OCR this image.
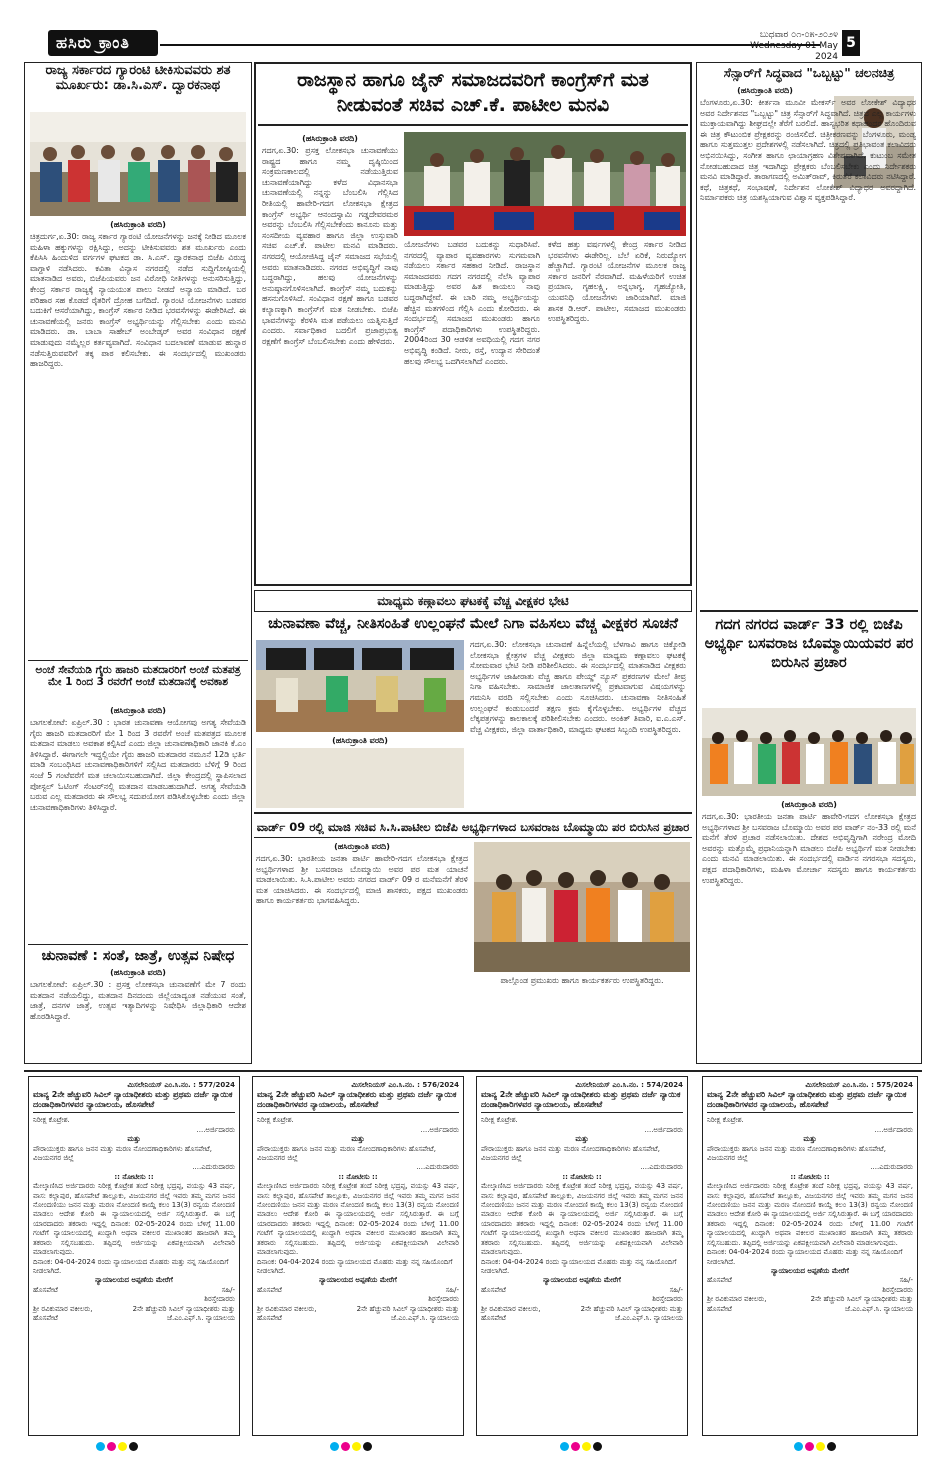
ಹಸಿರು ಕ್ರಾಂತಿ	ಬುಧವಾರ ೦೧-೦೫-೨೦೨೪
Wednesday 01 May 2024
5
ರಾಜ್ಯ ಸರ್ಕಾರದ ಗ್ಯಾರಂಟಿ ಟೀಕಿಸುವವರು ಶತ ಮೂರ್ಖರು: ಡಾ.ಸಿ.ಎಸ್. ದ್ವಾರಕನಾಥ
(ಹಸಿರುಕ್ರಾಂತಿ ವರದಿ)
ಚಿತ್ರದುರ್ಗ,ಏ.30: ರಾಜ್ಯ ಸರ್ಕಾರ ಗ್ಯಾರಂಟಿ ಯೋಜನೆಗಳನ್ನು ಜನಕ್ಕೆ ನೀಡಿದ ಮೂಲಕ ಮಹಿಳಾ ಹಕ್ಕುಗಳನ್ನು ರಕ್ಷಿಸಿದ್ದು, ಅದನ್ನು ಟೀಕಿಸುವವರು ಶತ ಮೂರ್ಖರು ಎಂದು ಕೆಪಿಸಿಸಿ ಹಿಂದುಳಿದ ವರ್ಗಗಳ ಘಟಕದ ಡಾ. ಸಿ.ಎಸ್. ದ್ವಾರಕನಾಥ ಬಿಜೆಪಿ ವಿರುದ್ಧ ವಾಗ್ದಾಳಿ ನಡೆಸಿದರು. ಕವಿತಾ ವಿನ್ಯಾಸ ನಗರದಲ್ಲಿ ನಡೆದ ಸುದ್ದಿಗೋಷ್ಠಿಯಲ್ಲಿ ಮಾತನಾಡಿದ ಅವರು, ಬಿಜೆಪಿಯವರು ಜನ ವಿರೋಧಿ ನೀತಿಗಳನ್ನು ಅನುಸರಿಸುತ್ತಿದ್ದು, ಕೇಂದ್ರ ಸರ್ಕಾರ ರಾಜ್ಯಕ್ಕೆ ನ್ಯಾಯಯುತ ಪಾಲು ನೀಡದೆ ಅನ್ಯಾಯ ಮಾಡಿದೆ. ಬರ ಪರಿಹಾರ ಸಹ ಕೊಡದೆ ರೈತರಿಗೆ ದ್ರೋಹ ಬಗೆದಿದೆ. ಗ್ಯಾರಂಟಿ ಯೋಜನೆಗಳು ಬಡವರ ಬದುಕಿಗೆ ಆಸರೆಯಾಗಿದ್ದು, ಕಾಂಗ್ರೆಸ್ ಸರ್ಕಾರ ನೀಡಿದ ಭರವಸೆಗಳನ್ನು ಈಡೇರಿಸಿದೆ. ಈ ಚುನಾವಣೆಯಲ್ಲಿ ಜನರು ಕಾಂಗ್ರೆಸ್ ಅಭ್ಯರ್ಥಿಯನ್ನು ಗೆಲ್ಲಿಸಬೇಕು ಎಂದು ಮನವಿ ಮಾಡಿದರು. ಡಾ. ಬಾಬಾ ಸಾಹೇಬ್ ಅಂಬೇಡ್ಕರ್ ಅವರ ಸಂವಿಧಾನ ರಕ್ಷಣೆ ಮಾಡುವುದು ನಮ್ಮೆಲ್ಲರ ಕರ್ತವ್ಯವಾಗಿದೆ. ಸಂವಿಧಾನ ಬದಲಾವಣೆ ಮಾಡುವ ಹುನ್ನಾರ ನಡೆಸುತ್ತಿರುವವರಿಗೆ ತಕ್ಕ ಪಾಠ ಕಲಿಸಬೇಕು. ಈ ಸಂದರ್ಭದಲ್ಲಿ ಮುಖಂಡರು ಹಾಜರಿದ್ದರು.
ಅಂಚೆ ಸೇವೆಯಡಿ ಗೈರು ಹಾಜರಿ ಮತದಾರರಿಗೆ ಅಂಚೆ ಮತಪತ್ರ ಮೇ 1 ರಿಂದ 3 ರವರೆಗೆ ಅಂಚೆ ಮತದಾನಕ್ಕೆ ಅವಕಾಶ
(ಹಸಿರುಕ್ರಾಂತಿ ವರದಿ)
ಬಾಗಲಕೋಟೆ: ಏಪ್ರಿಲ್.30 : ಭಾರತ ಚುನಾವಣಾ ಆಯೋಗವು ಅಗತ್ಯ ಸೇವೆಯಡಿ ಗೈರು ಹಾಜರಿ ಮತದಾರರಿಗೆ ಮೇ 1 ರಿಂದ 3 ರವರೆಗೆ ಅಂಚೆ ಮತಪತ್ರದ ಮೂಲಕ ಮತದಾನ ಮಾಡಲು ಅವಕಾಶ ಕಲ್ಪಿಸಿದೆ ಎಂದು ಜಿಲ್ಲಾ ಚುನಾವಣಾಧಿಕಾರಿ ಜಾನಕಿ ಕೆ.ಎಂ ತಿಳಿಸಿದ್ದಾರೆ. ಈಗಾಗಲೇ ಇದ್ದಲ್ಲಿಯೇ ಗೈರು ಹಾಜರಿ ಮತದಾರರ ನಮೂನೆ 12ಡಿ ಭರ್ತಿ ಮಾಡಿ ಸಂಬಂಧಿಸಿದ ಚುನಾವಣಾಧಿಕಾರಿಗಳಿಗೆ ಸಲ್ಲಿಸಿದ ಮತದಾರರು ಬೆಳಿಗ್ಗೆ 9 ರಿಂದ ಸಂಜೆ 5 ಗಂಟೆವರೆಗೆ ಮತ ಚಲಾಯಿಸಬಹುದಾಗಿದೆ. ಜಿಲ್ಲಾ ಕೇಂದ್ರದಲ್ಲಿ ಸ್ಥಾಪಿಸಲಾದ ಪೋಸ್ಟಲ್ ಓಟಿಂಗ್ ಸೆಂಟರ್‌ನಲ್ಲಿ ಮತದಾನ ಮಾಡಬಹುದಾಗಿದೆ. ಅಗತ್ಯ ಸೇವೆಯಡಿ ಬರುವ ಎಲ್ಲ ಮತದಾರರು ಈ ಸೌಲಭ್ಯ ಸದುಪಯೋಗ ಪಡಿಸಿಕೊಳ್ಳಬೇಕು ಎಂದು ಜಿಲ್ಲಾ ಚುನಾವಣಾಧಿಕಾರಿಗಳು ತಿಳಿಸಿದ್ದಾರೆ.
ಚುನಾವಣೆ : ಸಂತೆ, ಜಾತ್ರೆ, ಉತ್ಸವ ನಿಷೇಧ
(ಹಸಿರುಕ್ರಾಂತಿ ವರದಿ)
ಬಾಗಲಕೋಟೆ: ಏಪ್ರಿಲ್.30 : ಪ್ರಸಕ್ತ ಲೋಕಸಭಾ ಚುನಾವಣೆಗೆ ಮೇ 7 ರಂದು ಮತದಾನ ನಡೆಯಲಿದ್ದು, ಮತದಾನ ದಿನದಂದು ಜಿಲ್ಲೆಯಾದ್ಯಂತ ನಡೆಯುವ ಸಂತೆ, ಜಾತ್ರೆ, ದನಗಳ ಜಾತ್ರೆ, ಉತ್ಸವ ಇತ್ಯಾದಿಗಳನ್ನು ನಿಷೇಧಿಸಿ ಜಿಲ್ಲಾಧಿಕಾರಿ ಆದೇಶ ಹೊರಡಿಸಿದ್ದಾರೆ.
ರಾಜಸ್ಥಾನ ಹಾಗೂ ಜೈನ್ ಸಮಾಜದವರಿಗೆ ಕಾಂಗ್ರೆಸ್‌ಗೆ ಮತ ನೀಡುವಂತೆ ಸಚಿವ ಎಚ್.ಕೆ. ಪಾಟೀಲ ಮನವಿ
(ಹಸಿರುಕ್ರಾಂತಿ ವರದಿ)
ಗದಗ,ಏ.30: ಪ್ರಸಕ್ತ ಲೋಕಸಭಾ ಚುನಾವಣೆಯು ರಾಷ್ಟ್ರದ ಹಾಗೂ ನಮ್ಮ ದೃಷ್ಠಿಯಿಂದ ಸಂಕ್ರಮಣಕಾಲದಲ್ಲಿ ನಡೆಯುತ್ತಿರುವ ಚುನಾವಣೆಯಾಗಿದ್ದು ಕಳೆದ ವಿಧಾನಸಭಾ ಚುನಾವಣೆಯಲ್ಲಿ ನನ್ನನ್ನು ಬೆಂಬಲಿಸಿ ಗೆಲ್ಲಿಸಿದ ರೀತಿಯಲ್ಲಿ ಹಾವೇರಿ-ಗದಗ ಲೋಕಸಭಾ ಕ್ಷೇತ್ರದ ಕಾಂಗ್ರೆಸ್ ಅಭ್ಯರ್ಥಿ ಆನಂದಸ್ವಾಮಿ ಗಡ್ಡದೇವರಮಠ ಅವರನ್ನು ಬೆಂಬಲಿಸಿ ಗೆಲ್ಲಿಸಬೇಕೆಂದು ಕಾನೂನು ಮತ್ತು ಸಂಸದೀಯ ವ್ಯವಹಾರ ಹಾಗೂ ಜಿಲ್ಲಾ ಉಸ್ತುವಾರಿ ಸಚಿವ ಎಚ್.ಕೆ. ಪಾಟೀಲ ಮನವಿ ಮಾಡಿದರು. ನಗರದಲ್ಲಿ ಆಯೋಜಿಸಿದ್ದ ಜೈನ್ ಸಮಾಜದ ಸಭೆಯಲ್ಲಿ ಅವರು ಮಾತನಾಡಿದರು. ನಗರದ ಅಭಿವೃದ್ಧಿಗೆ ನಾವು ಬದ್ಧರಾಗಿದ್ದು, ಹಲವು ಯೋಜನೆಗಳನ್ನು ಅನುಷ್ಠಾನಗೊಳಿಸಲಾಗಿದೆ. ಕಾಂಗ್ರೆಸ್ ನಮ್ಮ ಬದುಕನ್ನು ಹಸನುಗೊಳಿಸಿದೆ. ಸಂವಿಧಾನ ರಕ್ಷಣೆ ಹಾಗೂ ಬಡವರ ಕಲ್ಯಾಣಕ್ಕಾಗಿ ಕಾಂಗ್ರೆಸ್‌ಗೆ ಮತ ನೀಡಬೇಕು. ಬಿಜೆಪಿ ಭಾವನೆಗಳನ್ನು ಕೆರಳಿಸಿ ಮತ ಪಡೆಯಲು ಯತ್ನಿಸುತ್ತಿದೆ ಎಂದರು. ಸರ್ವಾಧಿಕಾರ ಬದಲಿಗೆ ಪ್ರಜಾಪ್ರಭುತ್ವ ರಕ್ಷಣೆಗೆ ಕಾಂಗ್ರೆಸ್ ಬೆಂಬಲಿಸಬೇಕು ಎಂದು ಹೇಳಿದರು.
ಯೋಜನೆಗಳು ಬಡವರ ಬದುಕನ್ನು ಸುಧಾರಿಸಿವೆ. ನಗರದಲ್ಲಿ ವ್ಯಾಪಾರ ವ್ಯವಹಾರಗಳು ಸುಗಮವಾಗಿ ನಡೆಯಲು ಸರ್ಕಾರ ಸಹಕಾರ ನೀಡಿದೆ. ರಾಜಸ್ಥಾನ ಸಮಾಜದವರು ಗದಗ ನಗರದಲ್ಲಿ ನೆಲೆಸಿ ವ್ಯಾಪಾರ ಮಾಡುತ್ತಿದ್ದು ಅವರ ಹಿತ ಕಾಯಲು ನಾವು ಬದ್ಧರಾಗಿದ್ದೇವೆ. ಈ ಬಾರಿ ನಮ್ಮ ಅಭ್ಯರ್ಥಿಯನ್ನು ಹೆಚ್ಚಿನ ಮತಗಳಿಂದ ಗೆಲ್ಲಿಸಿ ಎಂದು ಕೋರಿದರು. ಈ ಸಂದರ್ಭದಲ್ಲಿ ಸಮಾಜದ ಮುಖಂಡರು ಹಾಗೂ ಕಾಂಗ್ರೆಸ್ ಪದಾಧಿಕಾರಿಗಳು ಉಪಸ್ಥಿತರಿದ್ದರು. 2004ರಿಂದ 30 ಆಡಳಿತ ಅವಧಿಯಲ್ಲಿ ಗದಗ ನಗರ ಅಭಿವೃದ್ಧಿ ಕಂಡಿದೆ. ನೀರು, ರಸ್ತೆ, ಉದ್ಯಾನ ಸೇರಿದಂತೆ ಹಲವು ಸೌಲಭ್ಯ ಒದಗಿಸಲಾಗಿದೆ ಎಂದರು.
ಕಳೆದ ಹತ್ತು ವರ್ಷಗಳಲ್ಲಿ ಕೇಂದ್ರ ಸರ್ಕಾರ ನೀಡಿದ ಭರವಸೆಗಳು ಈಡೇರಿಲ್ಲ. ಬೆಲೆ ಏರಿಕೆ, ನಿರುದ್ಯೋಗ ಹೆಚ್ಚಾಗಿದೆ. ಗ್ಯಾರಂಟಿ ಯೋಜನೆಗಳ ಮೂಲಕ ರಾಜ್ಯ ಸರ್ಕಾರ ಜನರಿಗೆ ನೆರವಾಗಿದೆ. ಮಹಿಳೆಯರಿಗೆ ಉಚಿತ ಪ್ರಯಾಣ, ಗೃಹಲಕ್ಷ್ಮಿ, ಅನ್ನಭಾಗ್ಯ, ಗೃಹಜ್ಯೋತಿ, ಯುವನಿಧಿ ಯೋಜನೆಗಳು ಜಾರಿಯಾಗಿವೆ. ಮಾಜಿ ಶಾಸಕ ಡಿ.ಆರ್. ಪಾಟೀಲ, ಸಮಾಜದ ಮುಖಂಡರು ಉಪಸ್ಥಿತರಿದ್ದರು.
ಮಾಧ್ಯಮ ಕಣ್ಗಾವಲು ಘಟಕಕ್ಕೆ ವೆಚ್ಚ ವೀಕ್ಷಕರ ಭೇಟಿ
ಚುನಾವಣಾ ವೆಚ್ಚ, ನೀತಿಸಂಹಿತೆ ಉಲ್ಲಂಘನೆ ಮೇಲೆ ನಿಗಾ ವಹಿಸಲು ವೆಚ್ಚ ವೀಕ್ಷಕರ ಸೂಚನೆ
ಗದಗ,ಏ.30: ಲೋಕಸಭಾ ಚುನಾವಣೆ ಹಿನ್ನೆಲೆಯಲ್ಲಿ ಬೆಳಗಾವಿ ಹಾಗೂ ಚಿಕ್ಕೋಡಿ ಲೋಕಸಭಾ ಕ್ಷೇತ್ರಗಳ ವೆಚ್ಚ ವೀಕ್ಷಕರು ಜಿಲ್ಲಾ ಮಾಧ್ಯಮ ಕಣ್ಗಾವಲು ಘಟಕಕ್ಕೆ ಸೋಮವಾರ ಭೇಟಿ ನೀಡಿ ಪರಿಶೀಲಿಸಿದರು. ಈ ಸಂದರ್ಭದಲ್ಲಿ ಮಾತನಾಡಿದ ವೀಕ್ಷಕರು ಅಭ್ಯರ್ಥಿಗಳ ಜಾಹೀರಾತು ವೆಚ್ಚ ಹಾಗೂ ಪೇಯ್ಡ್ ನ್ಯೂಸ್ ಪ್ರಕರಣಗಳ ಮೇಲೆ ತೀವ್ರ ನಿಗಾ ವಹಿಸಬೇಕು. ಸಾಮಾಜಿಕ ಜಾಲತಾಣಗಳಲ್ಲಿ ಪ್ರಕಟವಾಗುವ ವಿಷಯಗಳನ್ನು ಗಮನಿಸಿ ವರದಿ ಸಲ್ಲಿಸಬೇಕು ಎಂದು ಸೂಚಿಸಿದರು. ಚುನಾವಣಾ ನೀತಿಸಂಹಿತೆ ಉಲ್ಲಂಘನೆ ಕಂಡುಬಂದರೆ ತಕ್ಷಣ ಕ್ರಮ ಕೈಗೊಳ್ಳಬೇಕು. ಅಭ್ಯರ್ಥಿಗಳ ವೆಚ್ಚದ ಲೆಕ್ಕಪತ್ರಗಳನ್ನು ಕಾಲಕಾಲಕ್ಕೆ ಪರಿಶೀಲಿಸಬೇಕು ಎಂದರು. ಅಂಕಿತ್ ತಿವಾರಿ, ಐ.ಎ.ಎಸ್. ವೆಚ್ಚ ವೀಕ್ಷಕರು, ಜಿಲ್ಲಾ ವಾರ್ತಾಧಿಕಾರಿ, ಮಾಧ್ಯಮ ಘಟಕದ ಸಿಬ್ಬಂದಿ ಉಪಸ್ಥಿತರಿದ್ದರು.
(ಹಸಿರುಕ್ರಾಂತಿ ವರದಿ)
ವಾರ್ಡ್ 09 ರಲ್ಲಿ ಮಾಜಿ ಸಚಿವ ಸಿ.ಸಿ.ಪಾಟೀಲ ಬಿಜೆಪಿ ಅಭ್ಯರ್ಥಿಗಳಾದ ಬಸವರಾಜ ಬೊಮ್ಮಾಯಿ ಪರ ಬಿರುಸಿನ ಪ್ರಚಾರ
(ಹಸಿರುಕ್ರಾಂತಿ ವರದಿ)
ಗದಗ,ಏ.30: ಭಾರತೀಯ ಜನತಾ ಪಾರ್ಟಿ ಹಾವೇರಿ-ಗದಗ ಲೋಕಸಭಾ ಕ್ಷೇತ್ರದ ಅಭ್ಯರ್ಥಿಗಳಾದ ಶ್ರೀ ಬಸವರಾಜ ಬೊಮ್ಮಾಯಿ ಅವರ ಪರ ಮತ ಯಾಚನೆ ಮಾಡಲಾಯಿತು. ಸಿ.ಸಿ.ಪಾಟೀಲ ಅವರು ನಗರದ ವಾರ್ಡ್ 09 ರ ಮನೆಮನೆಗೆ ತೆರಳಿ ಮತ ಯಾಚಿಸಿದರು. ಈ ಸಂದರ್ಭದಲ್ಲಿ ಮಾಜಿ ಶಾಸಕರು, ಪಕ್ಷದ ಮುಖಂಡರು ಹಾಗೂ ಕಾರ್ಯಕರ್ತರು ಭಾಗವಹಿಸಿದ್ದರು.
ಪಾಲ್ಗೊಂಡ ಪ್ರಮುಖರು ಹಾಗೂ ಕಾರ್ಯಕರ್ತರು ಉಪಸ್ಥಿತರಿದ್ದರು.
ಸೆನ್ಸಾರ್‌ಗೆ ಸಿದ್ಧವಾದ "ಒಬ್ಬಟ್ಟು" ಚಲನಚಿತ್ರ
(ಹಸಿರುಕ್ರಾಂತಿ ವರದಿ)
ಬೆಂಗಳೂರು,ಏ.30: ಕೀರ್ತನಾ ಮೂವೀ ಮೇಕರ್ಸ್ ಅವರ ಲೋಕೇಶ್ ವಿದ್ಯಾಧರ ಅವರ ನಿರ್ದೇಶನದ "ಒಬ್ಬಟ್ಟು" ಚಿತ್ರ ಸೆನ್ಸಾರ್‌ಗೆ ಸಿದ್ಧವಾಗಿದೆ. ಚಿತ್ರದ ಎಲ್ಲ ಕಾರ್ಯಗಳು ಮುಕ್ತಾಯವಾಗಿದ್ದು ಶೀಘ್ರದಲ್ಲೇ ತೆರೆಗೆ ಬರಲಿದೆ. ಹಾಸ್ಯಭರಿತ ಕಥಾಹಂದರ ಹೊಂದಿರುವ ಈ ಚಿತ್ರ ಕೌಟುಂಬಿಕ ಪ್ರೇಕ್ಷಕರನ್ನು ರಂಜಿಸಲಿದೆ. ಚಿತ್ರೀಕರಣವನ್ನು ಬೆಂಗಳೂರು, ಮಂಡ್ಯ ಹಾಗೂ ಸುತ್ತಮುತ್ತಲ ಪ್ರದೇಶಗಳಲ್ಲಿ ನಡೆಸಲಾಗಿದೆ. ಚಿತ್ರದಲ್ಲಿ ಪ್ರತಿಭಾವಂತ ಕಲಾವಿದರು ಅಭಿನಯಿಸಿದ್ದು, ಸಂಗೀತ ಹಾಗೂ ಛಾಯಾಗ್ರಹಣ ವಿಶೇಷವಾಗಿದೆ. ಕುಟುಂಬ ಸಮೇತ ನೋಡಬಹುದಾದ ಚಿತ್ರ ಇದಾಗಿದ್ದು ಪ್ರೇಕ್ಷಕರು ಬೆಂಬಲಿಸಬೇಕು ಎಂದು ನಿರ್ದೇಶಕರು ಮನವಿ ಮಾಡಿದ್ದಾರೆ. ತಾರಾಗಣದಲ್ಲಿ ಅಮಿತ್‌ರಾವ್, ಕಿರುತೆರೆ ಕಲಾವಿದರು ನಟಿಸಿದ್ದಾರೆ. ಕಥೆ, ಚಿತ್ರಕಥೆ, ಸಂಭಾಷಣೆ, ನಿರ್ದೇಶನ ಲೋಕೇಶ್ ವಿದ್ಯಾಧರ ಅವರದ್ದಾಗಿದೆ. ನಿರ್ಮಾಪಕರು ಚಿತ್ರ ಯಶಸ್ವಿಯಾಗುವ ವಿಶ್ವಾಸ ವ್ಯಕ್ತಪಡಿಸಿದ್ದಾರೆ.
ಗದಗ ನಗರದ ವಾರ್ಡ್ 33 ರಲ್ಲಿ ಬಿಜೆಪಿ ಅಭ್ಯರ್ಥಿ ಬಸವರಾಜ ಬೊಮ್ಮಾಯಿಯವರ ಪರ ಬಿರುಸಿನ ಪ್ರಚಾರ
(ಹಸಿರುಕ್ರಾಂತಿ ವರದಿ)
ಗದಗ,ಏ.30: ಭಾರತೀಯ ಜನತಾ ಪಾರ್ಟಿ ಹಾವೇರಿ-ಗದಗ ಲೋಕಸಭಾ ಕ್ಷೇತ್ರದ ಅಭ್ಯರ್ಥಿಗಳಾದ ಶ್ರೀ ಬಸವರಾಜ ಬೊಮ್ಮಾಯಿ ಅವರ ಪರ ವಾರ್ಡ್ ನಂ-33 ರಲ್ಲಿ ಮನೆ ಮನೆಗೆ ತೆರಳಿ ಪ್ರಚಾರ ನಡೆಸಲಾಯಿತು. ದೇಶದ ಅಭಿವೃದ್ಧಿಗಾಗಿ ನರೇಂದ್ರ ಮೋದಿ ಅವರನ್ನು ಮತ್ತೊಮ್ಮೆ ಪ್ರಧಾನಿಯನ್ನಾಗಿ ಮಾಡಲು ಬಿಜೆಪಿ ಅಭ್ಯರ್ಥಿಗೆ ಮತ ನೀಡಬೇಕು ಎಂದು ಮನವಿ ಮಾಡಲಾಯಿತು. ಈ ಸಂದರ್ಭದಲ್ಲಿ ವಾರ್ಡಿನ ನಗರಸಭಾ ಸದಸ್ಯರು, ಪಕ್ಷದ ಪದಾಧಿಕಾರಿಗಳು, ಮಹಿಳಾ ಮೋರ್ಚಾ ಸದಸ್ಯರು ಹಾಗೂ ಕಾರ್ಯಕರ್ತರು ಉಪಸ್ಥಿತರಿದ್ದರು.
ಮಿಸಲೇನಿಯಸ್ ಎಂ.ಸಿ.ನಂ. : 577/2024
ಮಾನ್ಯ 2ನೇ ಹೆಚ್ಚುವರಿ ಸಿವಿಲ್ ನ್ಯಾಯಾಧೀಶರು ಮತ್ತು ಪ್ರಥಮ ದರ್ಜೆ ನ್ಯಾಯಿಕ ದಂಡಾಧಿಕಾರಿಗಳವರ ನ್ಯಾಯಾಲಯ, ಹೊಸಪೇಟೆ
ನಿರೀಕ್ಷ ಕೊಟ್ರೇಶ.
....ಅರ್ಜಿದಾರರು
ಮತ್ತು
ಪೌರಾಯುಕ್ತರು ಹಾಗೂ ಜನನ ಮತ್ತು ಮರಣ ನೋಂದಣಾಧಿಕಾರಿಗಳು ಹೊಸಪೇಟೆ, ವಿಜಯನಗರ ಜಿಲ್ಲೆ
....ಎದುರುದಾರರು
:: ನೋಟೀಸು ::
ಮೇಲ್ಕಾಣಿಸಿದ ಅರ್ಜಿದಾರರು ನಿರೀಕ್ಷ ಕೊಟ್ರೇಶ ತಂದೆ ನಿರೀಕ್ಷ ಭದ್ರಪ್ಪ, ವಯಸ್ಸು 43 ವರ್ಷ, ವಾಸ: ಕಲ್ಲಾಪುರ, ಹೊಸಪೇಟೆ ತಾಲ್ಲೂಕು, ವಿಜಯನಗರ ಜಿಲ್ಲೆ ಇವರು ತಮ್ಮ ಮಗನ ಜನನ ನೋಂದಣಿಯು ಜನನ ಮತ್ತು ಮರಣ ನೋಂದಣಿ ಕಾಯ್ದೆ ಕಲಂ 13(3) ರನ್ವಯ ನೋಂದಣಿ ಮಾಡಲು ಆದೇಶ ಕೋರಿ ಈ ನ್ಯಾಯಾಲಯದಲ್ಲಿ ಅರ್ಜಿ ಸಲ್ಲಿಸಿರುತ್ತಾರೆ. ಈ ಬಗ್ಗೆ ಯಾರದಾದರು ತಕರಾರು ಇದ್ದಲ್ಲಿ ದಿನಾಂಕ: 02-05-2024 ರಂದು ಬೆಳಿಗ್ಗೆ 11.00 ಗಂಟೆಗೆ ನ್ಯಾಯಾಲಯದಲ್ಲಿ ಖುದ್ದಾಗಿ ಅಥವಾ ವಕೀಲರ ಮುಖಾಂತರ ಹಾಜರಾಗಿ ತಮ್ಮ ತಕರಾರು ಸಲ್ಲಿಸಬಹುದು. ತಪ್ಪಿದಲ್ಲಿ ಅರ್ಜಿಯನ್ನು ಏಕಪಕ್ಷೀಯವಾಗಿ ವಿಲೇವಾರಿ ಮಾಡಲಾಗುವುದು.
ದಿನಾಂಕ: 04-04-2024 ರಂದು ನ್ಯಾಯಾಲಯದ ಮೊಹರು ಮತ್ತು ನನ್ನ ಸಹಿಯೊಂದಿಗೆ ನೀಡಲಾಗಿದೆ.
ನ್ಯಾಯಾಲಯದ ಅಪ್ಪಣೆಯ ಮೇರೆಗೆ
ಹೊಸಪೇಟೆ	ಸಹಿ/-
ಶಿರಸ್ತೇದಾರರು
ಶ್ರೀ ರವಿಕುಮಾರ ವಕೀಲರು, ಹೊಸಪೇಟೆ
2ನೇ ಹೆಚ್ಚುವರಿ ಸಿವಿಲ್ ನ್ಯಾಯಾಧೀಶರು ಮತ್ತು ಜೆ.ಎಂ.ಎಫ್.ಸಿ. ನ್ಯಾಯಾಲಯ
ಮಿಸಲೇನಿಯಸ್ ಎಂ.ಸಿ.ನಂ. : 576/2024
ಮಾನ್ಯ 2ನೇ ಹೆಚ್ಚುವರಿ ಸಿವಿಲ್ ನ್ಯಾಯಾಧೀಶರು ಮತ್ತು ಪ್ರಥಮ ದರ್ಜೆ ನ್ಯಾಯಿಕ ದಂಡಾಧಿಕಾರಿಗಳವರ ನ್ಯಾಯಾಲಯ, ಹೊಸಪೇಟೆ
ನಿರೀಕ್ಷ ಕೊಟ್ರೇಶ.
....ಅರ್ಜಿದಾರರು
ಮತ್ತು
ಪೌರಾಯುಕ್ತರು ಹಾಗೂ ಜನನ ಮತ್ತು ಮರಣ ನೋಂದಣಾಧಿಕಾರಿಗಳು ಹೊಸಪೇಟೆ, ವಿಜಯನಗರ ಜಿಲ್ಲೆ
....ಎದುರುದಾರರು
:: ನೋಟೀಸು ::
ಮೇಲ್ಕಾಣಿಸಿದ ಅರ್ಜಿದಾರರು ನಿರೀಕ್ಷ ಕೊಟ್ರೇಶ ತಂದೆ ನಿರೀಕ್ಷ ಭದ್ರಪ್ಪ, ವಯಸ್ಸು 43 ವರ್ಷ, ವಾಸ: ಕಲ್ಲಾಪುರ, ಹೊಸಪೇಟೆ ತಾಲ್ಲೂಕು, ವಿಜಯನಗರ ಜಿಲ್ಲೆ ಇವರು ತಮ್ಮ ಮಗನ ಜನನ ನೋಂದಣಿಯು ಜನನ ಮತ್ತು ಮರಣ ನೋಂದಣಿ ಕಾಯ್ದೆ ಕಲಂ 13(3) ರನ್ವಯ ನೋಂದಣಿ ಮಾಡಲು ಆದೇಶ ಕೋರಿ ಈ ನ್ಯಾಯಾಲಯದಲ್ಲಿ ಅರ್ಜಿ ಸಲ್ಲಿಸಿರುತ್ತಾರೆ. ಈ ಬಗ್ಗೆ ಯಾರದಾದರು ತಕರಾರು ಇದ್ದಲ್ಲಿ ದಿನಾಂಕ: 02-05-2024 ರಂದು ಬೆಳಿಗ್ಗೆ 11.00 ಗಂಟೆಗೆ ನ್ಯಾಯಾಲಯದಲ್ಲಿ ಖುದ್ದಾಗಿ ಅಥವಾ ವಕೀಲರ ಮುಖಾಂತರ ಹಾಜರಾಗಿ ತಮ್ಮ ತಕರಾರು ಸಲ್ಲಿಸಬಹುದು. ತಪ್ಪಿದಲ್ಲಿ ಅರ್ಜಿಯನ್ನು ಏಕಪಕ್ಷೀಯವಾಗಿ ವಿಲೇವಾರಿ ಮಾಡಲಾಗುವುದು.
ದಿನಾಂಕ: 04-04-2024 ರಂದು ನ್ಯಾಯಾಲಯದ ಮೊಹರು ಮತ್ತು ನನ್ನ ಸಹಿಯೊಂದಿಗೆ ನೀಡಲಾಗಿದೆ.
ನ್ಯಾಯಾಲಯದ ಅಪ್ಪಣೆಯ ಮೇರೆಗೆ
ಹೊಸಪೇಟೆ	ಸಹಿ/-
ಶಿರಸ್ತೇದಾರರು
ಶ್ರೀ ರವಿಕುಮಾರ ವಕೀಲರು, ಹೊಸಪೇಟೆ
2ನೇ ಹೆಚ್ಚುವರಿ ಸಿವಿಲ್ ನ್ಯಾಯಾಧೀಶರು ಮತ್ತು ಜೆ.ಎಂ.ಎಫ್.ಸಿ. ನ್ಯಾಯಾಲಯ
ಮಿಸಲೇನಿಯಸ್ ಎಂ.ಸಿ.ನಂ. : 574/2024
ಮಾನ್ಯ 2ನೇ ಹೆಚ್ಚುವರಿ ಸಿವಿಲ್ ನ್ಯಾಯಾಧೀಶರು ಮತ್ತು ಪ್ರಥಮ ದರ್ಜೆ ನ್ಯಾಯಿಕ ದಂಡಾಧಿಕಾರಿಗಳವರ ನ್ಯಾಯಾಲಯ, ಹೊಸಪೇಟೆ
ನಿರೀಕ್ಷ ಕೊಟ್ರೇಶ.
....ಅರ್ಜಿದಾರರು
ಮತ್ತು
ಪೌರಾಯುಕ್ತರು ಹಾಗೂ ಜನನ ಮತ್ತು ಮರಣ ನೋಂದಣಾಧಿಕಾರಿಗಳು ಹೊಸಪೇಟೆ, ವಿಜಯನಗರ ಜಿಲ್ಲೆ
....ಎದುರುದಾರರು
:: ನೋಟೀಸು ::
ಮೇಲ್ಕಾಣಿಸಿದ ಅರ್ಜಿದಾರರು ನಿರೀಕ್ಷ ಕೊಟ್ರೇಶ ತಂದೆ ನಿರೀಕ್ಷ ಭದ್ರಪ್ಪ, ವಯಸ್ಸು 43 ವರ್ಷ, ವಾಸ: ಕಲ್ಲಾಪುರ, ಹೊಸಪೇಟೆ ತಾಲ್ಲೂಕು, ವಿಜಯನಗರ ಜಿಲ್ಲೆ ಇವರು ತಮ್ಮ ಮಗನ ಜನನ ನೋಂದಣಿಯು ಜನನ ಮತ್ತು ಮರಣ ನೋಂದಣಿ ಕಾಯ್ದೆ ಕಲಂ 13(3) ರನ್ವಯ ನೋಂದಣಿ ಮಾಡಲು ಆದೇಶ ಕೋರಿ ಈ ನ್ಯಾಯಾಲಯದಲ್ಲಿ ಅರ್ಜಿ ಸಲ್ಲಿಸಿರುತ್ತಾರೆ. ಈ ಬಗ್ಗೆ ಯಾರದಾದರು ತಕರಾರು ಇದ್ದಲ್ಲಿ ದಿನಾಂಕ: 02-05-2024 ರಂದು ಬೆಳಿಗ್ಗೆ 11.00 ಗಂಟೆಗೆ ನ್ಯಾಯಾಲಯದಲ್ಲಿ ಖುದ್ದಾಗಿ ಅಥವಾ ವಕೀಲರ ಮುಖಾಂತರ ಹಾಜರಾಗಿ ತಮ್ಮ ತಕರಾರು ಸಲ್ಲಿಸಬಹುದು. ತಪ್ಪಿದಲ್ಲಿ ಅರ್ಜಿಯನ್ನು ಏಕಪಕ್ಷೀಯವಾಗಿ ವಿಲೇವಾರಿ ಮಾಡಲಾಗುವುದು.
ದಿನಾಂಕ: 04-04-2024 ರಂದು ನ್ಯಾಯಾಲಯದ ಮೊಹರು ಮತ್ತು ನನ್ನ ಸಹಿಯೊಂದಿಗೆ ನೀಡಲಾಗಿದೆ.
ನ್ಯಾಯಾಲಯದ ಅಪ್ಪಣೆಯ ಮೇರೆಗೆ
ಹೊಸಪೇಟೆ	ಸಹಿ/-
ಶಿರಸ್ತೇದಾರರು
ಶ್ರೀ ರವಿಕುಮಾರ ವಕೀಲರು, ಹೊಸಪೇಟೆ
2ನೇ ಹೆಚ್ಚುವರಿ ಸಿವಿಲ್ ನ್ಯಾಯಾಧೀಶರು ಮತ್ತು ಜೆ.ಎಂ.ಎಫ್.ಸಿ. ನ್ಯಾಯಾಲಯ
ಮಿಸಲೇನಿಯಸ್ ಎಂ.ಸಿ.ನಂ. : 575/2024
ಮಾನ್ಯ 2ನೇ ಹೆಚ್ಚುವರಿ ಸಿವಿಲ್ ನ್ಯಾಯಾಧೀಶರು ಮತ್ತು ಪ್ರಥಮ ದರ್ಜೆ ನ್ಯಾಯಿಕ ದಂಡಾಧಿಕಾರಿಗಳವರ ನ್ಯಾಯಾಲಯ, ಹೊಸಪೇಟೆ
ನಿರೀಕ್ಷ ಕೊಟ್ರೇಶ.
....ಅರ್ಜಿದಾರರು
ಮತ್ತು
ಪೌರಾಯುಕ್ತರು ಹಾಗೂ ಜನನ ಮತ್ತು ಮರಣ ನೋಂದಣಾಧಿಕಾರಿಗಳು ಹೊಸಪೇಟೆ, ವಿಜಯನಗರ ಜಿಲ್ಲೆ
....ಎದುರುದಾರರು
:: ನೋಟೀಸು ::
ಮೇಲ್ಕಾಣಿಸಿದ ಅರ್ಜಿದಾರರು ನಿರೀಕ್ಷ ಕೊಟ್ರೇಶ ತಂದೆ ನಿರೀಕ್ಷ ಭದ್ರಪ್ಪ, ವಯಸ್ಸು 43 ವರ್ಷ, ವಾಸ: ಕಲ್ಲಾಪುರ, ಹೊಸಪೇಟೆ ತಾಲ್ಲೂಕು, ವಿಜಯನಗರ ಜಿಲ್ಲೆ ಇವರು ತಮ್ಮ ಮಗನ ಜನನ ನೋಂದಣಿಯು ಜನನ ಮತ್ತು ಮರಣ ನೋಂದಣಿ ಕಾಯ್ದೆ ಕಲಂ 13(3) ರನ್ವಯ ನೋಂದಣಿ ಮಾಡಲು ಆದೇಶ ಕೋರಿ ಈ ನ್ಯಾಯಾಲಯದಲ್ಲಿ ಅರ್ಜಿ ಸಲ್ಲಿಸಿರುತ್ತಾರೆ. ಈ ಬಗ್ಗೆ ಯಾರದಾದರು ತಕರಾರು ಇದ್ದಲ್ಲಿ ದಿನಾಂಕ: 02-05-2024 ರಂದು ಬೆಳಿಗ್ಗೆ 11.00 ಗಂಟೆಗೆ ನ್ಯಾಯಾಲಯದಲ್ಲಿ ಖುದ್ದಾಗಿ ಅಥವಾ ವಕೀಲರ ಮುಖಾಂತರ ಹಾಜರಾಗಿ ತಮ್ಮ ತಕರಾರು ಸಲ್ಲಿಸಬಹುದು. ತಪ್ಪಿದಲ್ಲಿ ಅರ್ಜಿಯನ್ನು ಏಕಪಕ್ಷೀಯವಾಗಿ ವಿಲೇವಾರಿ ಮಾಡಲಾಗುವುದು.
ದಿನಾಂಕ: 04-04-2024 ರಂದು ನ್ಯಾಯಾಲಯದ ಮೊಹರು ಮತ್ತು ನನ್ನ ಸಹಿಯೊಂದಿಗೆ ನೀಡಲಾಗಿದೆ.
ನ್ಯಾಯಾಲಯದ ಅಪ್ಪಣೆಯ ಮೇರೆಗೆ
ಹೊಸಪೇಟೆ	ಸಹಿ/-
ಶಿರಸ್ತೇದಾರರು
ಶ್ರೀ ರವಿಕುಮಾರ ವಕೀಲರು, ಹೊಸಪೇಟೆ
2ನೇ ಹೆಚ್ಚುವರಿ ಸಿವಿಲ್ ನ್ಯಾಯಾಧೀಶರು ಮತ್ತು ಜೆ.ಎಂ.ಎಫ್.ಸಿ. ನ್ಯಾಯಾಲಯ
